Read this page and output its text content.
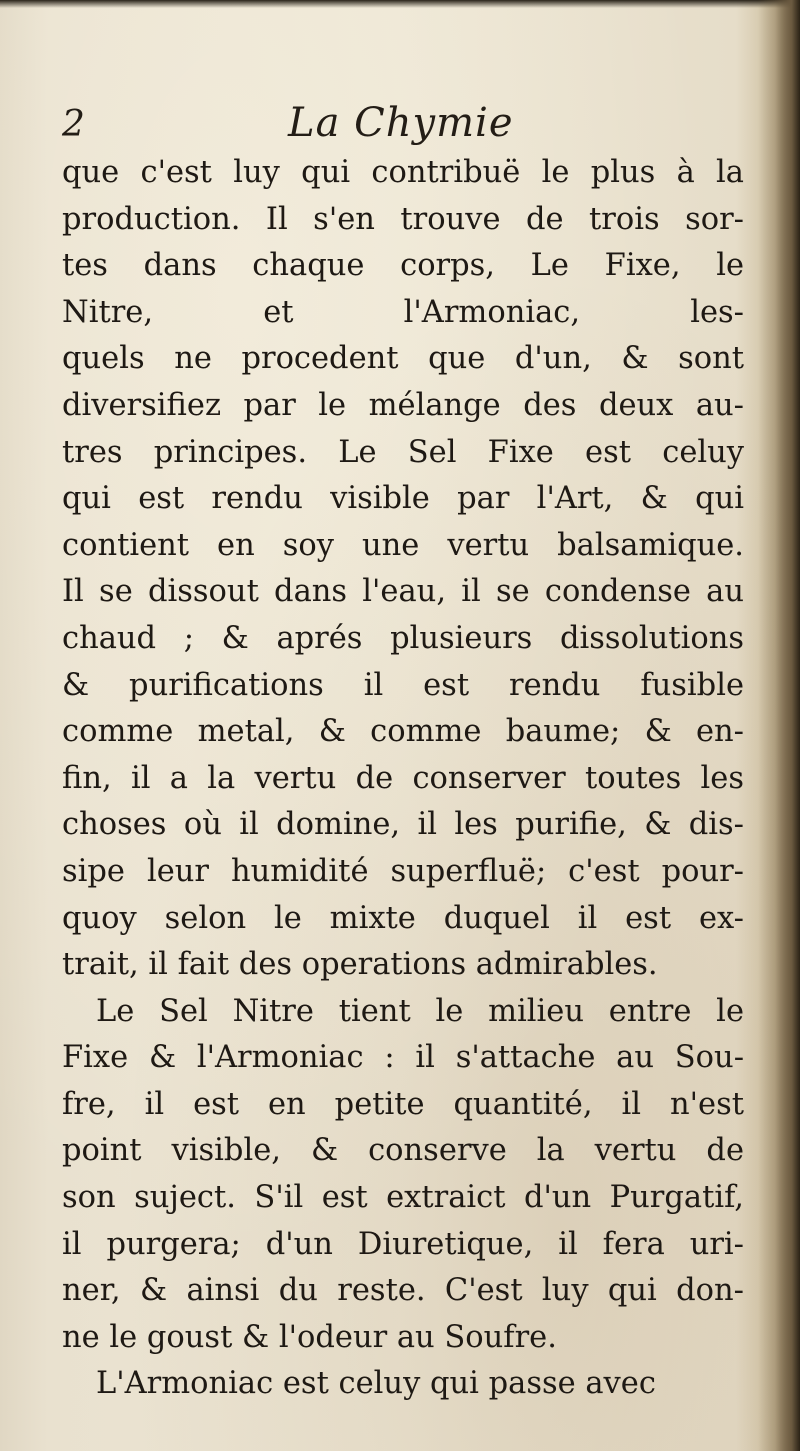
2	La Chymie
que c'est luy qui contribuë le plus à la
production. Il s'en trouve de trois sor-
tes dans chaque corps, Le Fixe, le
Nitre, et l'Armoniac, les-
quels ne procedent que d'un, & sont
diversifiez par le mélange des deux au-
tres principes. Le Sel Fixe est celuy
qui est rendu visible par l'Art, & qui
contient en soy une vertu balsamique.
Il se dissout dans l'eau, il se condense au
chaud ; & aprés plusieurs dissolutions
& purifications il est rendu fusible
comme metal, & comme baume; & en-
fin, il a la vertu de conserver toutes les
choses où il domine, il les purifie, & dis-
sipe leur humidité superfluë; c'est pour-
quoy selon le mixte duquel il est ex-
trait, il fait des operations admirables.
Le Sel Nitre tient le milieu entre le
Fixe & l'Armoniac : il s'attache au Sou-
fre, il est en petite quantité, il n'est
point visible, & conserve la vertu de
son suject. S'il est extraict d'un Purgatif,
il purgera; d'un Diuretique, il fera uri-
ner, & ainsi du reste. C'est luy qui don-
ne le goust & l'odeur au Soufre.
L'Armoniac est celuy qui passe avec
